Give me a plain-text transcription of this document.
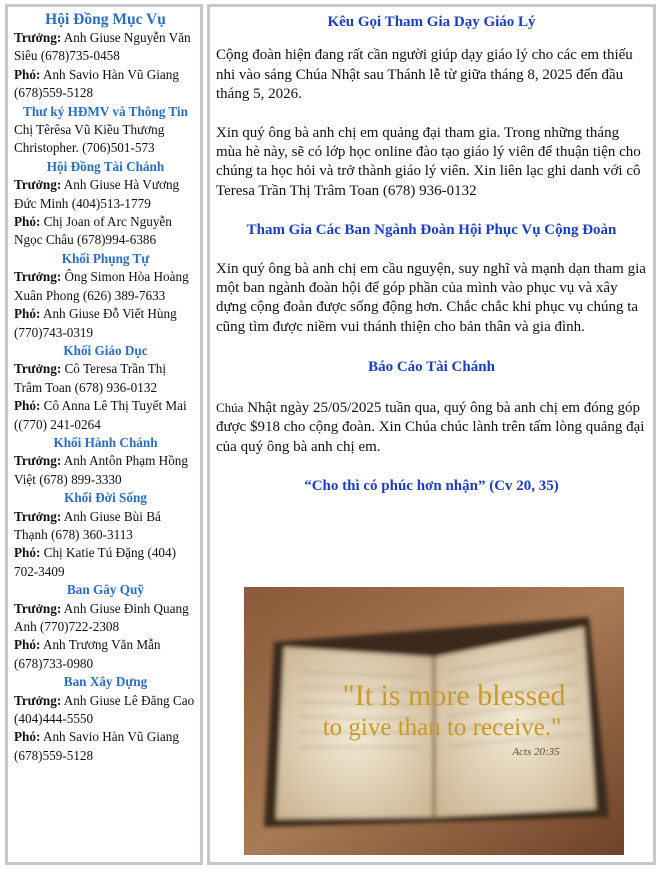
Hội Đồng Mục Vụ
Trưởng: Anh Giuse Nguyễn Văn Siêu (678)735-0458
Phó: Anh Savio Hàn Vũ Giang (678)559-5128
Thư ký HĐMV và Thông Tin
Chị Têrêsa Vũ Kiều Thương Christopher. (706)501-573
Hội Đồng Tài Chánh
Trưởng: Anh Giuse Hà Vương Đức Minh (404)513-1779
Phó: Chị Joan of Arc Nguyễn Ngọc Châu (678)994-6386
Khối Phụng Tự
Trưởng: Ông Simon Hòa Hoàng Xuân Phong (626) 389-7633
Phó: Anh Giuse Đỗ Viết Hùng (770)743-0319
Khối Giáo Dục
Trưởng: Cô Teresa Trần Thị Trâm Toan (678) 936-0132
Phó: Cô Anna Lê Thị Tuyết Mai ((770) 241-0264
Khối Hành Chánh
Trưởng: Anh Antôn Phạm Hồng Việt (678) 899-3330
Khối Đời Sống
Trưởng: Anh Giuse Bùi Bá Thạnh (678) 360-3113
Phó: Chị Katie Tú Đặng (404) 702-3409
Ban Gây Quỹ
Trưởng: Anh Giuse Đinh Quang Anh (770)722-2308
Phó: Anh Trương Văn Mẫn (678)733-0980
Ban Xây Dựng
Trưởng: Anh Giuse Lê Đăng Cao (404)444-5550
Phó: Anh Savio Hàn Vũ Giang (678)559-5128
Kêu Gọi Tham Gia Dạy Giáo Lý
Cộng đoàn hiện đang rất cần người giúp dạy giáo lý cho các em thiếu nhi vào sáng Chúa Nhật sau Thánh lễ từ giữa tháng 8, 2025 đến đầu tháng 5, 2026.
Xin quý ông bà anh chị em quảng đại tham gia. Trong những tháng mùa hè này, sẽ có lớp học online đào tạo giáo lý viên để thuận tiện cho chúng ta học hỏi và trở thành giáo lý viên. Xin liên lạc ghi danh với cô Teresa Trần Thị Trâm Toan (678) 936-0132
Tham Gia Các Ban Ngành Đoàn Hội Phục Vụ Cộng Đoàn
Xin quý ông bà anh chị em cầu nguyện, suy nghĩ và mạnh dạn tham gia một ban ngành đoàn hội để góp phần của mình vào phục vụ và xây dựng cộng đoàn được sống động hơn. Chắc chắc khi phục vụ chúng ta cũng tìm được niềm vui thánh thiện cho bản thân và gia đình.
Báo Cáo Tài Chánh
Chúa Nhật ngày 25/05/2025 tuần qua, quý ông bà anh chị em đóng góp được $918 cho cộng đoàn. Xin Chúa chúc lành trên tấm lòng quảng đại của quý ông bà anh chị em.
“Cho thì có phúc hơn nhận” (Cv 20, 35)
"It is more blessed
to give than to receive."
Acts 20:35
